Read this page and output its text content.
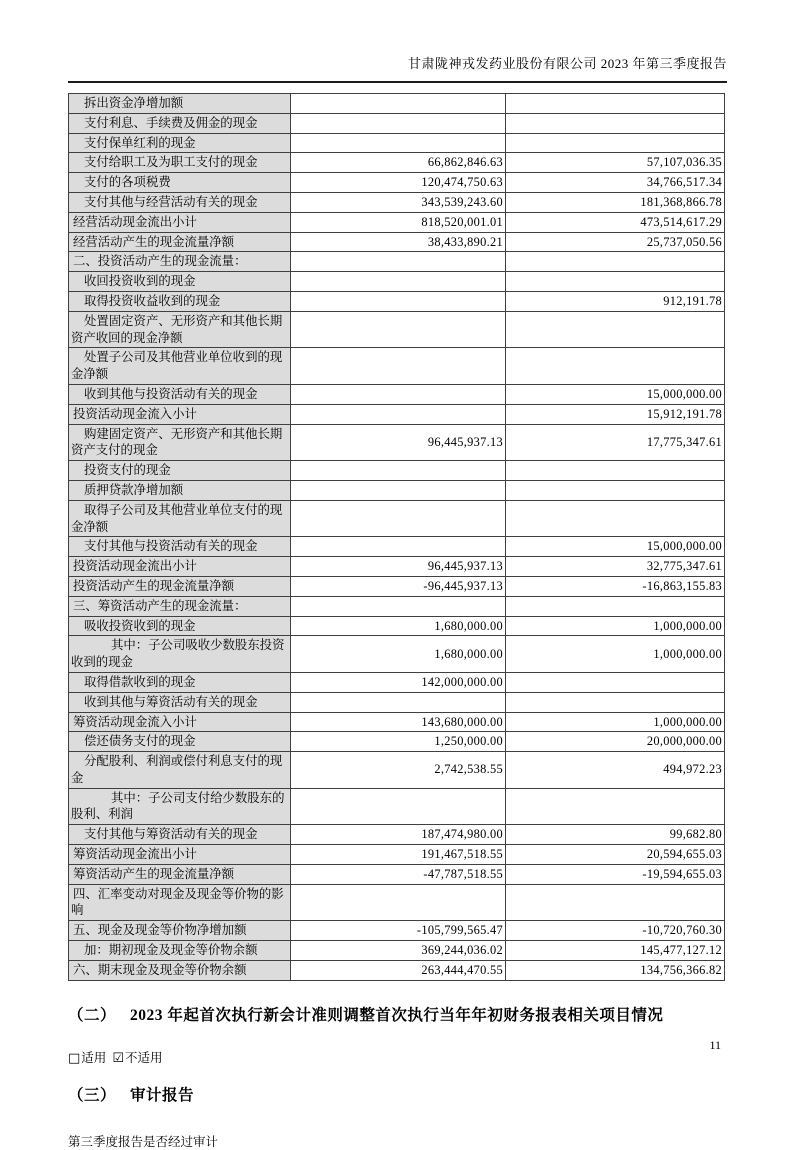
甘肃陇神戎发药业股份有限公司 2023 年第三季度报告
拆出资金净增加额		
支付利息、手续费及佣金的现金		
支付保单红利的现金		
支付给职工及为职工支付的现金	66,862,846.63	57,107,036.35
支付的各项税费	120,474,750.63	34,766,517.34
支付其他与经营活动有关的现金	343,539,243.60	181,368,866.78
经营活动现金流出小计	818,520,001.01	473,514,617.29
经营活动产生的现金流量净额	38,433,890.21	25,737,050.56
二、投资活动产生的现金流量：		
收回投资收到的现金		
取得投资收益收到的现金		912,191.78
处置固定资产、无形资产和其他长期资产收回的现金净额		
处置子公司及其他营业单位收到的现金净额		
收到其他与投资活动有关的现金		15,000,000.00
投资活动现金流入小计		15,912,191.78
购建固定资产、无形资产和其他长期资产支付的现金	96,445,937.13	17,775,347.61
投资支付的现金		
质押贷款净增加额		
取得子公司及其他营业单位支付的现金净额		
支付其他与投资活动有关的现金		15,000,000.00
投资活动现金流出小计	96,445,937.13	32,775,347.61
投资活动产生的现金流量净额	-96,445,937.13	-16,863,155.83
三、筹资活动产生的现金流量：		
吸收投资收到的现金	1,680,000.00	1,000,000.00
其中：子公司吸收少数股东投资收到的现金	1,680,000.00	1,000,000.00
取得借款收到的现金	142,000,000.00	
收到其他与筹资活动有关的现金		
筹资活动现金流入小计	143,680,000.00	1,000,000.00
偿还债务支付的现金	1,250,000.00	20,000,000.00
分配股利、利润或偿付利息支付的现金	2,742,538.55	494,972.23
其中：子公司支付给少数股东的股利、利润		
支付其他与筹资活动有关的现金	187,474,980.00	99,682.80
筹资活动现金流出小计	191,467,518.55	20,594,655.03
筹资活动产生的现金流量净额	-47,787,518.55	-19,594,655.03
四、汇率变动对现金及现金等价物的影响		
五、现金及现金等价物净增加额	-105,799,565.47	-10,720,760.30
加：期初现金及现金等价物余额	369,244,036.02	145,477,127.12
六、期末现金及现金等价物余额	263,444,470.55	134,756,366.82
（二） 2023 年起首次执行新会计准则调整首次执行当年年初财务报表相关项目情况
□适用 ☑不适用
（三） 审计报告
第三季度报告是否经过审计
11
